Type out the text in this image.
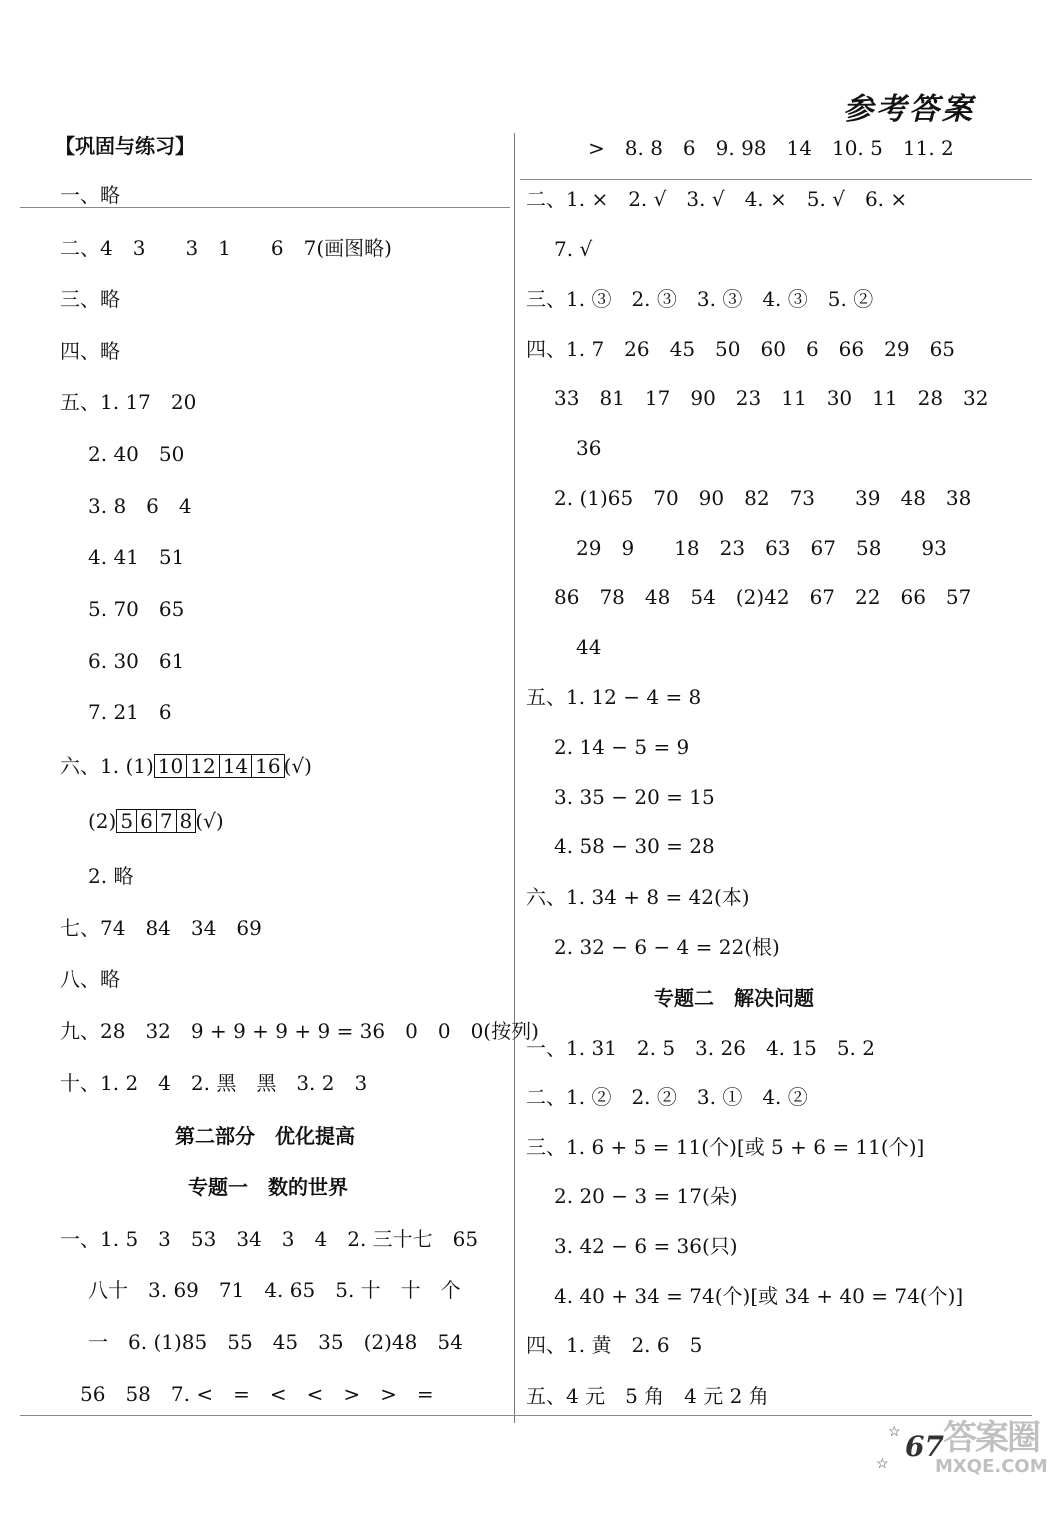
参考答案
【巩固与练习】
一、略
二、4　3　　3　1　　6　7(画图略)
三、略
四、略
五、1. 17　20
2. 40　50
3. 8　6　4
4. 41　51
5. 70　65
6. 30　61
7. 21　6
六、1. (1) 10 12 14 16 (√)
(2) 5 6 7 8 (√)
2. 略
七、74　84　34　69
八、略
九、28　32　9 + 9 + 9 + 9 = 36　0　0　0(按列)
十、1. 2　4　2. 黑　黑　3. 2　3
第二部分　优化提高
专题一　数的世界
一、1. 5　3　53　34　3　4　2. 三十七　65
八十　3. 69　71　4. 65　5. 十　十　个
一　6. (1)85　55　45　35　(2)48　54
56　58　7. <　=　<　<　>　>　=
>　8. 8　6　9. 98　14　10. 5　11. 2
二、1. ×　2. √　3. √　4. ×　5. √　6. ×
7. √
三、1. ③　2. ③　3. ③　4. ③　5. ②
四、1. 7　26　45　50　60　6　66　29　65
33　81　17　90　23　11　30　11　28　32
36
2. (1)65　70　90　82　73　　39　48　38
29　9　　18　23　63　67　58　　93
86　78　48　54　(2)42　67　22　66　57
44
五、1. 12 − 4 = 8
2. 14 − 5 = 9
3. 35 − 20 = 15
4. 58 − 30 = 28
六、1. 34 + 8 = 42(本)
2. 32 − 6 − 4 = 22(根)
专题二　解决问题
一、1. 31　2. 5　3. 26　4. 15　5. 2
二、1. ②　2. ②　3. ①　4. ②
三、1. 6 + 5 = 11(个)[或 5 + 6 = 11(个)]
2. 20 − 3 = 17(朵)
3. 42 − 6 = 36(只)
4. 40 + 34 = 74(个)[或 34 + 40 = 74(个)]
四、1. 黄　2. 6　5
五、4 元　5 角　4 元 2 角
☆
☆
67 答案圈
MXQE.COM
